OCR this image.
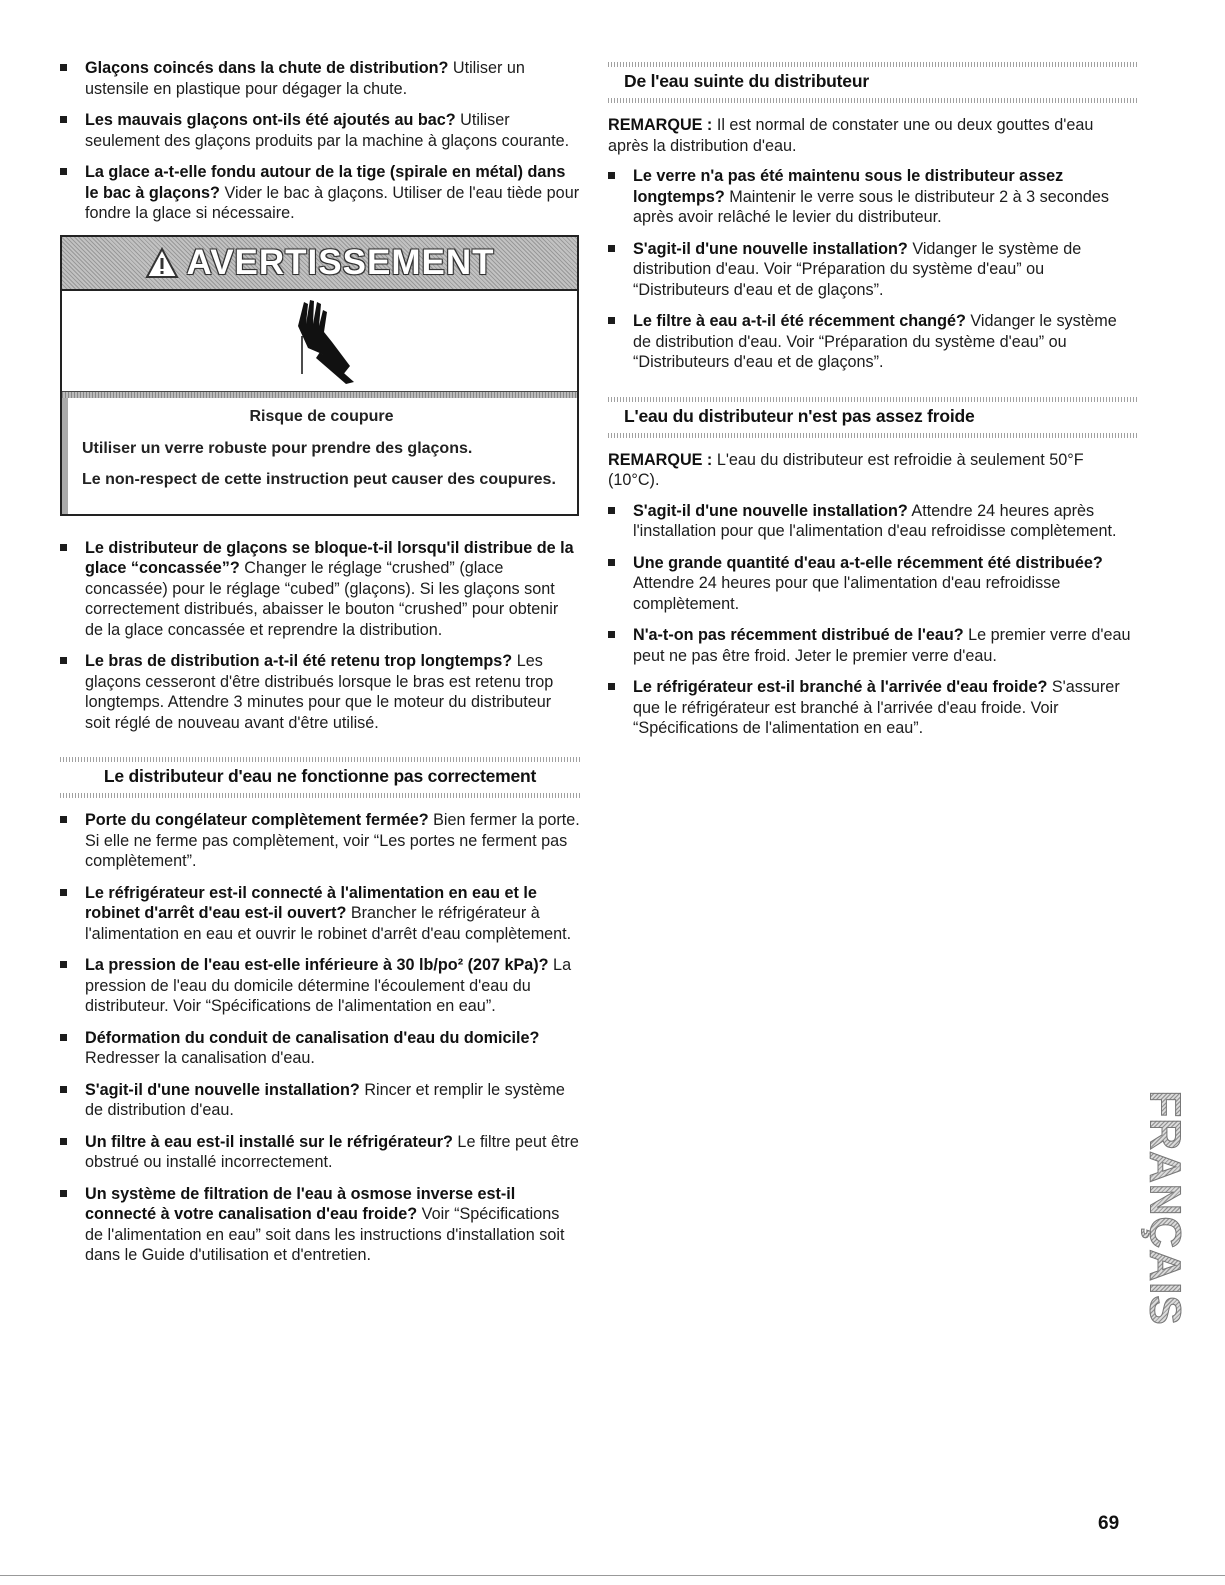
Glaçons coincés dans la chute de distribution? Utiliser un ustensile en plastique pour dégager la chute.
Les mauvais glaçons ont-ils été ajoutés au bac? Utiliser seulement des glaçons produits par la machine à glaçons courante.
La glace a-t-elle fondu autour de la tige (spirale en métal) dans le bac à glaçons? Vider le bac à glaçons. Utiliser de l'eau tiède pour fondre la glace si nécessaire.
AVERTISSEMENT
Risque de coupure

Utiliser un verre robuste pour prendre des glaçons.

Le non-respect de cette instruction peut causer des coupures.

Le distributeur de glaçons se bloque-t-il lorsqu'il distribue de la glace “concassée”? Changer le réglage “crushed” (glace concassée) pour le réglage “cubed” (glaçons). Si les glaçons sont correctement distribués, abaisser le bouton “crushed” pour obtenir de la glace concassée et reprendre la distribution.
Le bras de distribution a-t-il été retenu trop longtemps? Les glaçons cesseront d'être distribués lorsque le bras est retenu trop longtemps. Attendre 3 minutes pour que le moteur du distributeur soit réglé de nouveau avant d'être utilisé.
Le distributeur d'eau ne fonctionne pas correctement
Porte du congélateur complètement fermée? Bien fermer la porte. Si elle ne ferme pas complètement, voir “Les portes ne ferment pas complètement”.
Le réfrigérateur est-il connecté à l'alimentation en eau et le robinet d'arrêt d'eau est-il ouvert? Brancher le réfrigérateur à l'alimentation en eau et ouvrir le robinet d'arrêt d'eau complètement.
La pression de l'eau est-elle inférieure à 30 lb/po² (207 kPa)? La pression de l'eau du domicile détermine l'écoulement d'eau du distributeur. Voir “Spécifications de l'alimentation en eau”.
Déformation du conduit de canalisation d'eau du domicile? Redresser la canalisation d'eau.
S'agit-il d'une nouvelle installation? Rincer et remplir le système de distribution d'eau.
Un filtre à eau est-il installé sur le réfrigérateur? Le filtre peut être obstrué ou installé incorrectement.
Un système de filtration de l'eau à osmose inverse est-il connecté à votre canalisation d'eau froide? Voir “Spécifications de l'alimentation en eau” soit dans les instructions d'installation soit dans le Guide d'utilisation et d'entretien.
De l'eau suinte du distributeur

REMARQUE : Il est normal de constater une ou deux gouttes d'eau après la distribution d'eau.

Le verre n'a pas été maintenu sous le distributeur assez longtemps? Maintenir le verre sous le distributeur 2 à 3 secondes après avoir relâché le levier du distributeur.
S'agit-il d'une nouvelle installation? Vidanger le système de distribution d'eau. Voir “Préparation du système d'eau” ou “Distributeurs d'eau et de glaçons”.
Le filtre à eau a-t-il été récemment changé? Vidanger le système de distribution d'eau. Voir “Préparation du système d'eau” ou “Distributeurs d'eau et de glaçons”.
L'eau du distributeur n'est pas assez froide

REMARQUE : L'eau du distributeur est refroidie à seulement 50°F (10°C).

S'agit-il d'une nouvelle installation? Attendre 24 heures après l'installation pour que l'alimentation d'eau refroidisse complètement.
Une grande quantité d'eau a-t-elle récemment été distribuée? Attendre 24 heures pour que l'alimentation d'eau refroidisse complètement.
N'a-t-on pas récemment distribué de l'eau? Le premier verre d'eau peut ne pas être froid. Jeter le premier verre d'eau.
Le réfrigérateur est-il branché à l'arrivée d'eau froide? S'assurer que le réfrigérateur est branché à l'arrivée d'eau froide. Voir “Spécifications de l'alimentation en eau”.
FRANÇAIS
69
